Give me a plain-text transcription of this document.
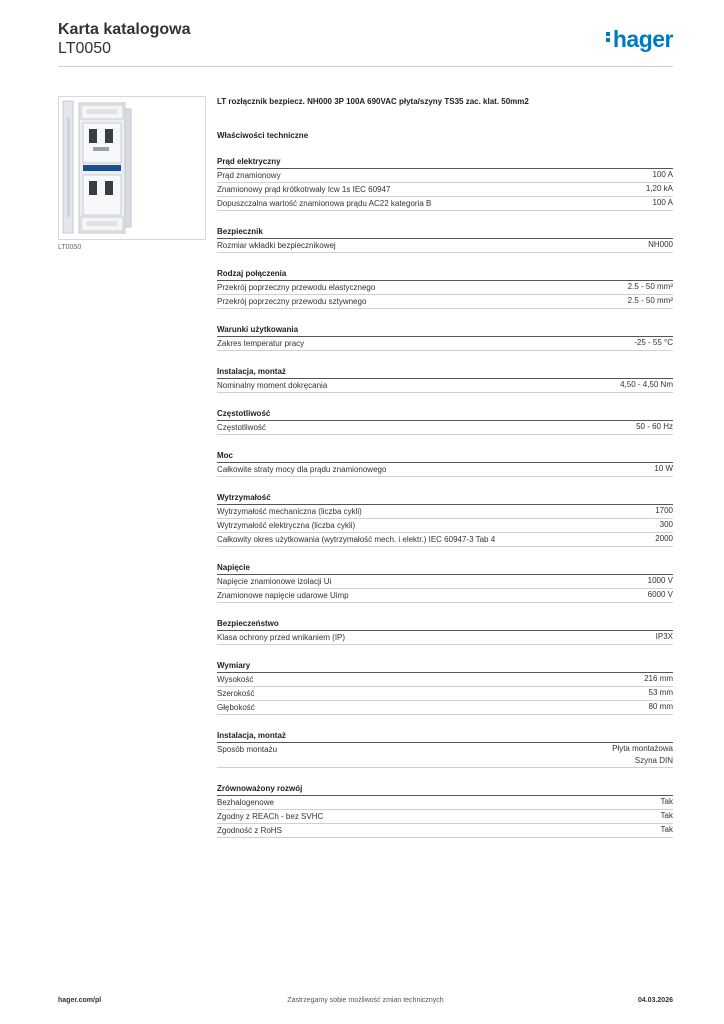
Karta katalogowa
LT0050	hager
LT0050
LT rozłącznik bezpiecz. NH000 3P 100A 690VAC płyta/szyny TS35 zac. klat. 50mm2
Właściwości techniczne
Prąd elektryczny
Prąd znamionowy	100 A
Znamionowy prąd krótkotrwały Icw 1s IEC 60947	1,20 kA
Dopuszczalna wartość znamionowa prądu AC22 kategoria B	100 A
Bezpiecznik
Rozmiar wkładki bezpiecznikowej	NH000
Rodzaj połączenia
Przekrój poprzeczny przewodu elastycznego	2.5 - 50 mm²
Przekrój poprzeczny przewodu sztywnego	2.5 - 50 mm²
Warunki użytkowania
Zakres temperatur pracy	-25 - 55 °C
Instalacja, montaż
Nominalny moment dokręcania	4,50 - 4,50 Nm
Częstotliwość
Częstotliwość	50 - 60 Hz
Moc
Całkowite straty mocy dla prądu znamionowego	10 W
Wytrzymałość
Wytrzymałość mechaniczna (liczba cykli)	1700
Wytrzymałość elektryczna (liczba cykli)	300
Całkowity okres użytkowania (wytrzymałość mech. i elektr.) IEC 60947-3 Tab 4	2000
Napięcie
Napięcie znamionowe izolacji Ui	1000 V
Znamionowe napięcie udarowe Uimp	6000 V
Bezpieczeństwo
Klasa ochrony przed wnikaniem (IP)	IP3X
Wymiary
Wysokość	216 mm
Szerokość	53 mm
Głębokość	80 mm
Instalacja, montaż
Sposób montażu	Płyta montażowa
Szyna DIN
Zrównoważony rozwój
Bezhalogenowe	Tak
Zgodny z REACh - bez SVHC	Tak
Zgodność z RoHS	Tak
hager.com/pl	Zastrzegamy sobie możliwość zmian technicznych	04.03.2026
